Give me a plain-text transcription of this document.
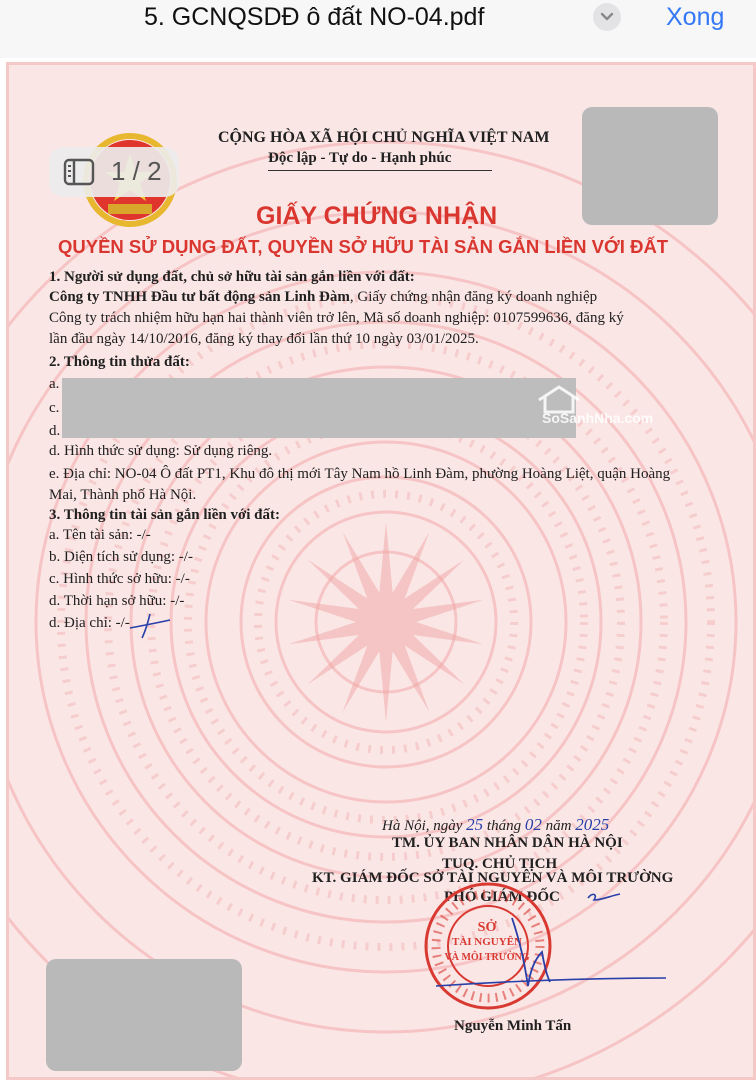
5. GCNQSDĐ ô đất NO-04.pdf	Xong
CỘNG HÒA XÃ HỘI CHỦ NGHĨA VIỆT NAM
Độc lập - Tự do - Hạnh phúc
GIẤY CHỨNG NHẬN
QUYỀN SỬ DỤNG ĐẤT, QUYỀN SỞ HỮU TÀI SẢN GẮN LIỀN VỚI ĐẤT
1. Người sử dụng đất, chủ sở hữu tài sản gắn liền với đất:
Công ty TNHH Đầu tư bất động sản Linh Đàm, Giấy chứng nhận đăng ký doanh nghiệp
Công ty trách nhiệm hữu hạn hai thành viên trở lên, Mã số doanh nghiệp: 0107599636, đăng ký
lần đầu ngày 14/10/2016, đăng ký thay đổi lần thứ 10 ngày 03/01/2025.
2. Thông tin thửa đất:
a.
c.
d.
SoSanhNha.com
d. Hình thức sử dụng: Sử dụng riêng.
e. Địa chỉ: NO-04 Ô đất PT1, Khu đô thị mới Tây Nam hồ Linh Đàm, phường Hoàng Liệt, quận Hoàng
Mai, Thành phố Hà Nội.
3. Thông tin tài sản gắn liền với đất:
a. Tên tài sản: -/-
b. Diện tích sử dụng: -/-
c. Hình thức sở hữu: -/-
d. Thời hạn sở hữu: -/-
d. Địa chỉ: -/-
Hà Nội, ngày 25 tháng 02 năm 2025
TM. ỦY BAN NHÂN DÂN HÀ NỘI
TUQ. CHỦ TỊCH
KT. GIÁM ĐỐC SỞ TÀI NGUYÊN VÀ MÔI TRƯỜNG
PHÓ GIÁM ĐỐC
SỞ
TÀI NGUYÊN
VÀ MÔI TRƯỜNG
Nguyễn Minh Tấn
1 / 2
